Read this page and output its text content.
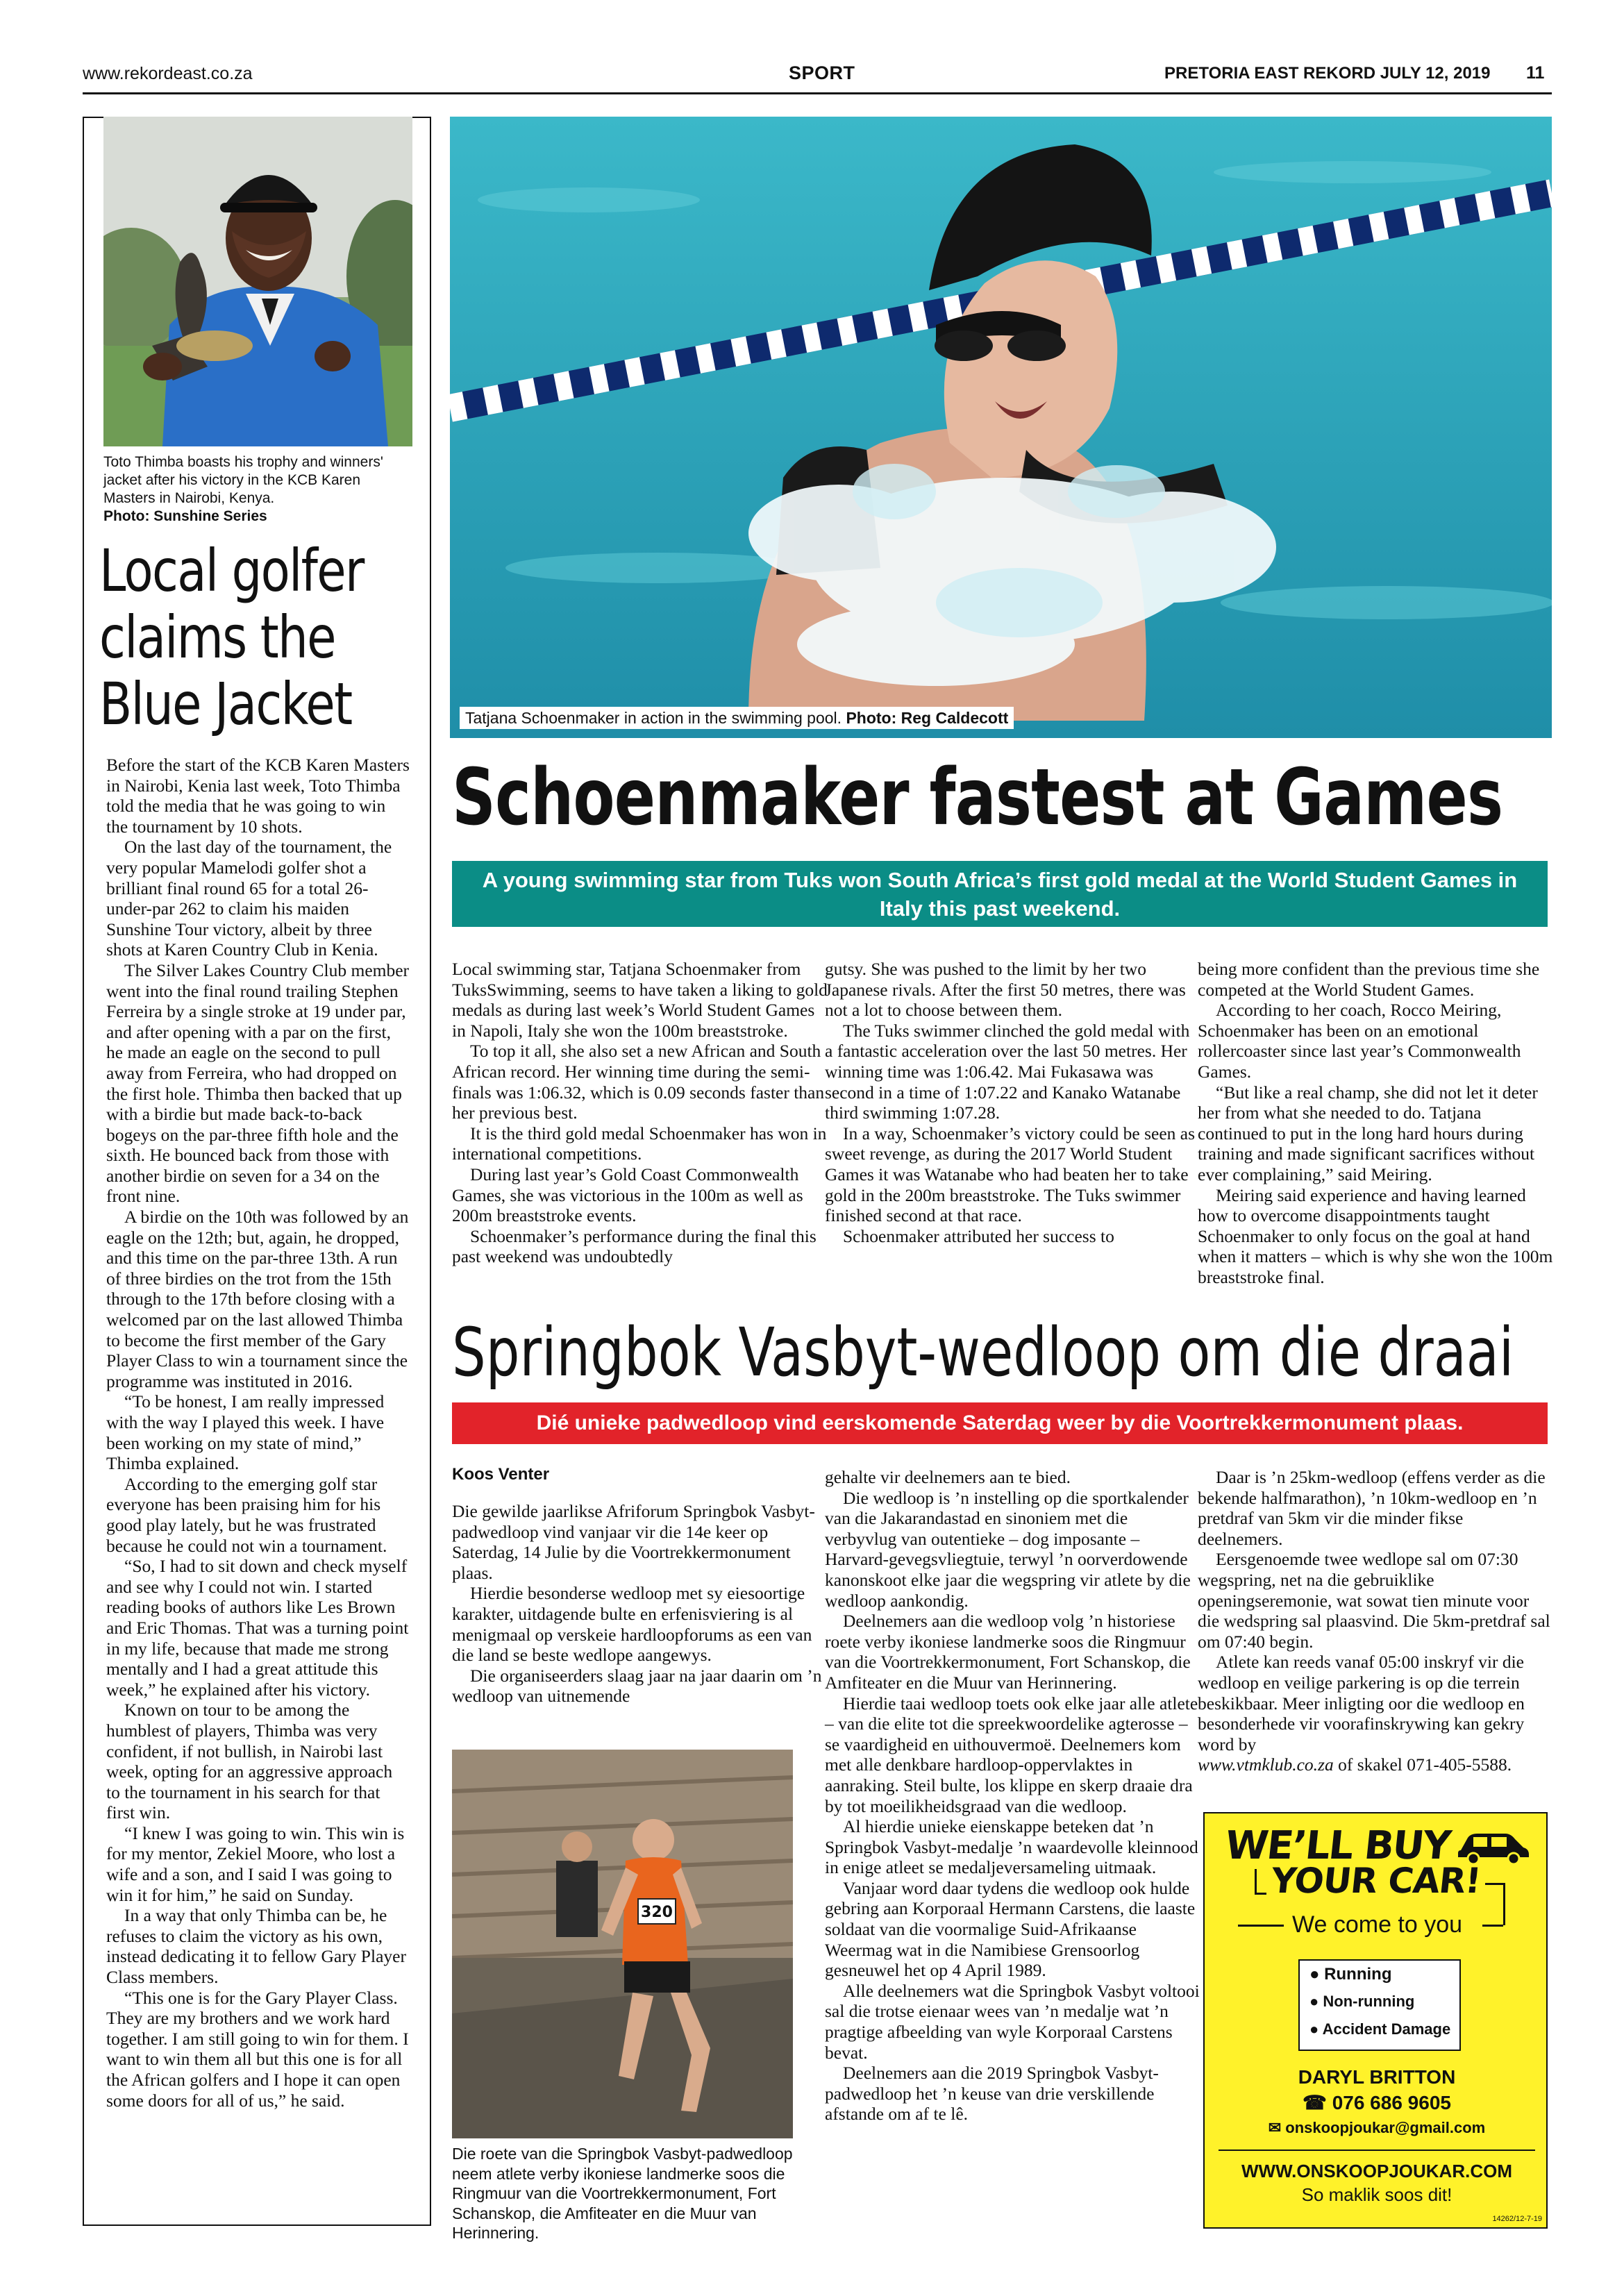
www.rekordeast.co.za	SPORT	PRETORIA EAST REKORD JULY 12, 2019 11
Toto Thimba boasts his trophy and winners' jacket after his victory in the KCB Karen Masters in Nairobi, Kenya.
Photo: Sunshine Series
Local golfer claims the Blue Jacket

Before the start of the KCB Karen Masters in Nairobi, Kenia last week, Toto Thimba told the media that he was going to win the tournament by 10 shots.

On the last day of the tournament, the very popular Mamelodi golfer shot a brilliant final round 65 for a total 26-under-par 262 to claim his maiden Sunshine Tour victory, albeit by three shots at Karen Country Club in Kenia.

The Silver Lakes Country Club member went into the final round trailing Stephen Ferreira by a single stroke at 19 under par, and after opening with a par on the first, he made an eagle on the second to pull away from Ferreira, who had dropped on the first hole. Thimba then backed that up with a birdie but made back-to-back bogeys on the par-three fifth hole and the sixth. He bounced back from those with another birdie on seven for a 34 on the front nine.

A birdie on the 10th was followed by an eagle on the 12th; but, again, he dropped, and this time on the par-three 13th. A run of three birdies on the trot from the 15th through to the 17th before closing with a welcomed par on the last allowed Thimba to become the first member of the Gary Player Class to win a tournament since the programme was instituted in 2016.

“To be honest, I am really impressed with the way I played this week. I have been working on my state of mind,” Thimba explained.

According to the emerging golf star everyone has been praising him for his good play lately, but he was frustrated because he could not win a tournament.

“So, I had to sit down and check myself and see why I could not win. I started reading books of authors like Les Brown and Eric Thomas. That was a turning point in my life, because that made me strong mentally and I had a great attitude this week,” he explained after his victory.

Known on tour to be among the humblest of players, Thimba was very confident, if not bullish, in Nairobi last week, opting for an aggressive approach to the tournament in his search for that first win.

“I knew I was going to win. This win is for my mentor, Zekiel Moore, who lost a wife and a son, and I said I was going to win it for him,” he said on Sunday.

In a way that only Thimba can be, he refuses to claim the victory as his own, instead dedicating it to fellow Gary Player Class members.

“This one is for the Gary Player Class. They are my brothers and we work hard together. I am still going to win for them. I want to win them all but this one is for all the African golfers and I hope it can open some doors for all of us,” he said.

Tatjana Schoenmaker in action in the swimming pool. Photo: Reg Caldecott
Schoenmaker fastest at Games
A young swimming star from Tuks won South Africa’s first gold medal at the World Student Games in Italy this past weekend.

Local swimming star, Tatjana Schoenmaker from TuksSwimming, seems to have taken a liking to gold medals as during last week’s World Student Games in Napoli, Italy she won the 100m breaststroke.

To top it all, she also set a new African and South African record. Her winning time during the semi-finals was 1:06.32, which is 0.09 seconds faster than her previous best.

It is the third gold medal Schoenmaker has won in international competitions.

During last year’s Gold Coast Commonwealth Games, she was victorious in the 100m as well as 200m breaststroke events.

Schoenmaker’s performance during the final this past weekend was undoubtedly

gutsy. She was pushed to the limit by her two Japanese rivals. After the first 50 metres, there was not a lot to choose between them.

The Tuks swimmer clinched the gold medal with a fantastic acceleration over the last 50 metres. Her winning time was 1:06.42. Mai Fukasawa was second in a time of 1:07.22 and Kanako Watanabe third swimming 1:07.28.

In a way, Schoenmaker’s victory could be seen as sweet revenge, as during the 2017 World Student Games it was Watanabe who had beaten her to take gold in the 200m breaststroke. The Tuks swimmer finished second at that race.

Schoenmaker attributed her success to

being more confident than the previous time she competed at the World Student Games.

According to her coach, Rocco Meiring, Schoenmaker has been on an emotional rollercoaster since last year’s Commonwealth Games.

“But like a real champ, she did not let it deter her from what she needed to do. Tatjana continued to put in the long hard hours during training and made significant sacrifices without ever complaining,” said Meiring.

Meiring said experience and having learned how to overcome disappointments taught Schoenmaker to only focus on the goal at hand when it matters – which is why she won the 100m breaststroke final.

Springbok Vasbyt-wedloop om die draai
Dié unieke padwedloop vind eerskomende Saterdag weer by die Voortrekkermonument plaas.
Koos Venter

Die gewilde jaarlikse Afriforum Springbok Vasbyt-padwedloop vind vanjaar vir die 14e keer op Saterdag, 14 Julie by die Voortrekkermonument plaas.

Hierdie besonderse wedloop met sy eiesoortige karakter, uitdagende bulte en erfenisviering is al menigmaal op verskeie hardloopforums as een van die land se beste wedlope aangewys.

Die organiseerders slaag jaar na jaar daarin om ’n wedloop van uitnemende

320
Die roete van die Springbok Vasbyt-padwedloop neem atlete verby ikoniese landmerke soos die Ringmuur van die Voortrekkermonument, Fort Schanskop, die Amfiteater en die Muur van Herinnering.

gehalte vir deelnemers aan te bied.

Die wedloop is ’n instelling op die sportkalender van die Jakarandastad en sinoniem met die verbyvlug van outentieke – dog imposante – Harvard-gevegsvliegtuie, terwyl ’n oorverdowende kanonskoot elke jaar die wegspring vir atlete by die wedloop aankondig.

Deelnemers aan die wedloop volg ’n historiese roete verby ikoniese landmerke soos die Ringmuur van die Voortrekkermonument, Fort Schanskop, die Amfiteater en die Muur van Herinnering.

Hierdie taai wedloop toets ook elke jaar alle atlete – van die elite tot die spreekwoordelike agterosse – se vaardigheid en uithouvermoë. Deelnemers kom met alle denkbare hardloop-oppervlaktes in aanraking. Steil bulte, los klippe en skerp draaie dra by tot moeilikheidsgraad van die wedloop.

Al hierdie unieke eienskappe beteken dat ’n Springbok Vasbyt-medalje ’n waardevolle kleinnood in enige atleet se medaljeversameling uitmaak.

Vanjaar word daar tydens die wedloop ook hulde gebring aan Korporaal Hermann Carstens, die laaste soldaat van die voormalige Suid-Afrikaanse Weermag wat in die Namibiese Grensoorlog gesneuwel het op 4 April 1989.

Alle deelnemers wat die Springbok Vasbyt voltooi sal die trotse eienaar wees van ’n medalje wat ’n pragtige afbeelding van wyle Korporaal Carstens bevat.

Deelnemers aan die 2019 Springbok Vasbyt-padwedloop het ’n keuse van drie verskillende afstande om af te lê.

Daar is ’n 25km-wedloop (effens verder as die bekende halfmarathon), ’n 10km-wedloop en ’n pretdraf van 5km vir die minder fikse deelnemers.

Eersgenoemde twee wedlope sal om 07:30 wegspring, net na die gebruiklike openingseremonie, wat sowat tien minute voor die wedspring sal plaasvind. Die 5km-pretdraf sal om 07:40 begin.

Atlete kan reeds vanaf 05:00 inskryf vir die wedloop en veilige parkering is op die terrein beskikbaar. Meer inligting oor die wedloop en besonderhede vir voorafinskrywing kan gekry word by

www.vtmklub.co.za of skakel 071-405-5588.

WE’LL BUY
YOUR CAR!
We come to you
● Running
● Non-running
● Accident Damage
DARYL BRITTON
☎ 076 686 9605
✉ onskoopjoukar@gmail.com
WWW.ONSKOOPJOUKAR.COM
So maklik soos dit!
14262/12-7-19
